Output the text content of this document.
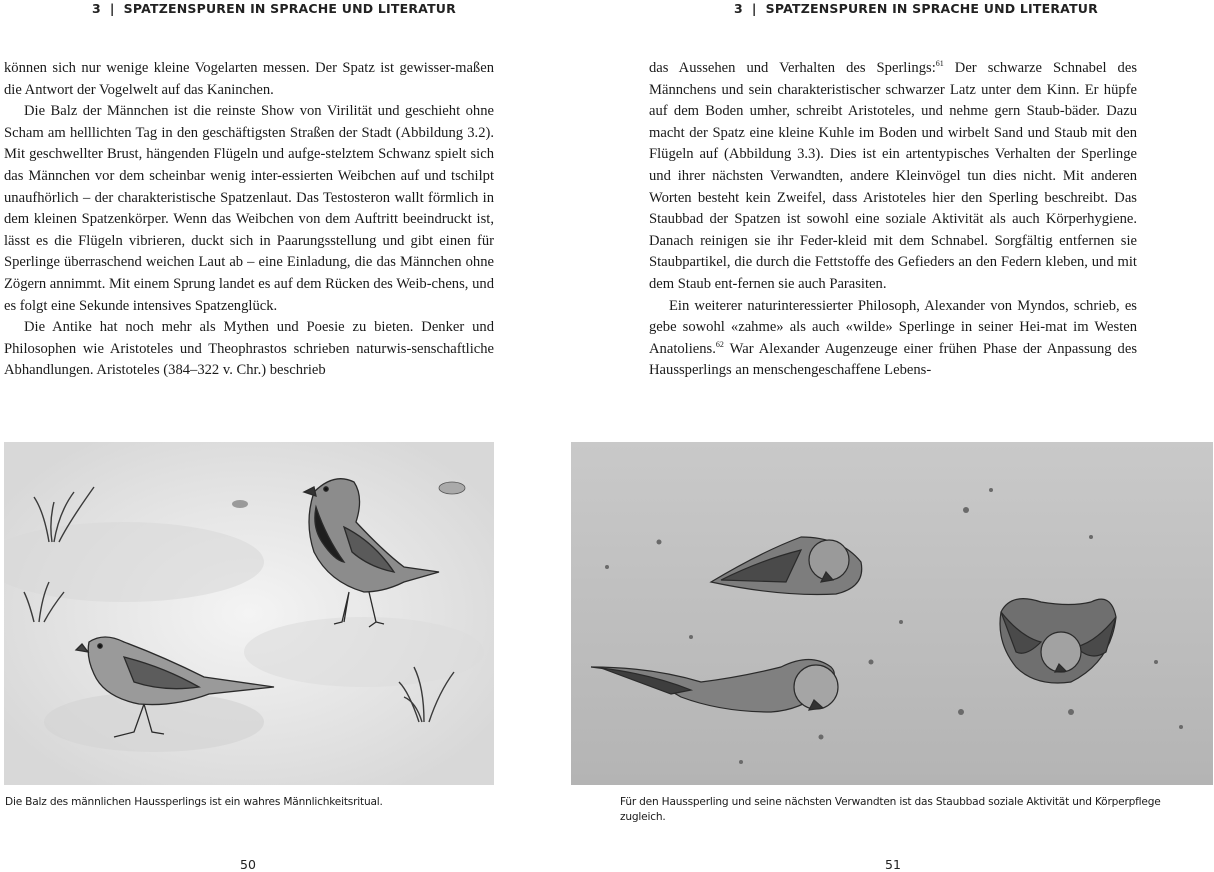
3 | SPATZENSPUREN IN SPRACHE UND LITERATUR

können sich nur wenige kleine Vogelarten messen. Der Spatz ist gewisser-maßen die Antwort der Vogelwelt auf das Kaninchen.

Die Balz der Männchen ist die reinste Show von Virilität und geschieht ohne Scham am helllichten Tag in den geschäftigsten Straßen der Stadt (Abbildung 3.2). Mit geschwellter Brust, hängenden Flügeln und aufge-stelztem Schwanz spielt sich das Männchen vor dem scheinbar wenig inter-essierten Weibchen auf und tschilpt unaufhörlich – der charakteristische Spatzenlaut. Das Testosteron wallt förmlich in dem kleinen Spatzenkörper. Wenn das Weibchen von dem Auftritt beeindruckt ist, lässt es die Flügeln vibrieren, duckt sich in Paarungsstellung und gibt einen für Sperlinge überraschend weichen Laut ab – eine Einladung, die das Männchen ohne Zögern annimmt. Mit einem Sprung landet es auf dem Rücken des Weib-chens, und es folgt eine Sekunde intensives Spatzenglück.

Die Antike hat noch mehr als Mythen und Poesie zu bieten. Denker und Philosophen wie Aristoteles und Theophrastos schrieben naturwis-senschaftliche Abhandlungen. Aristoteles (384–322 v. Chr.) beschrieb

Die Balz des männlichen Haussperlings ist ein wahres Männlichkeitsritual.
50
3 | SPATZENSPUREN IN SPRACHE UND LITERATUR

das Aussehen und Verhalten des Sperlings:$^{61}$ Der schwarze Schnabel des Männchens und sein charakteristischer schwarzer Latz unter dem Kinn. Er hüpfe auf dem Boden umher, schreibt Aristoteles, und nehme gern Staub-bäder. Dazu macht der Spatz eine kleine Kuhle im Boden und wirbelt Sand und Staub mit den Flügeln auf (Abbildung 3.3). Dies ist ein artentypisches Verhalten der Sperlinge und ihrer nächsten Verwandten, andere Kleinvögel tun dies nicht. Mit anderen Worten besteht kein Zweifel, dass Aristoteles hier den Sperling beschreibt. Das Staubbad der Spatzen ist sowohl eine soziale Aktivität als auch Körperhygiene. Danach reinigen sie ihr Feder-kleid mit dem Schnabel. Sorgfältig entfernen sie Staubpartikel, die durch die Fettstoffe des Gefieders an den Federn kleben, und mit dem Staub ent-fernen sie auch Parasiten.

Ein weiterer naturinteressierter Philosoph, Alexander von Myndos, schrieb, es gebe sowohl «zahme» als auch «wilde» Sperlinge in seiner Hei-mat im Westen Anatoliens.$^{62}$ War Alexander Augenzeuge einer frühen Phase der Anpassung des Haussperlings an menschengeschaffene Lebens-

Für den Haussperling und seine nächsten Verwandten ist das Staubbad soziale Aktivität und Körperpflege zugleich.
51
